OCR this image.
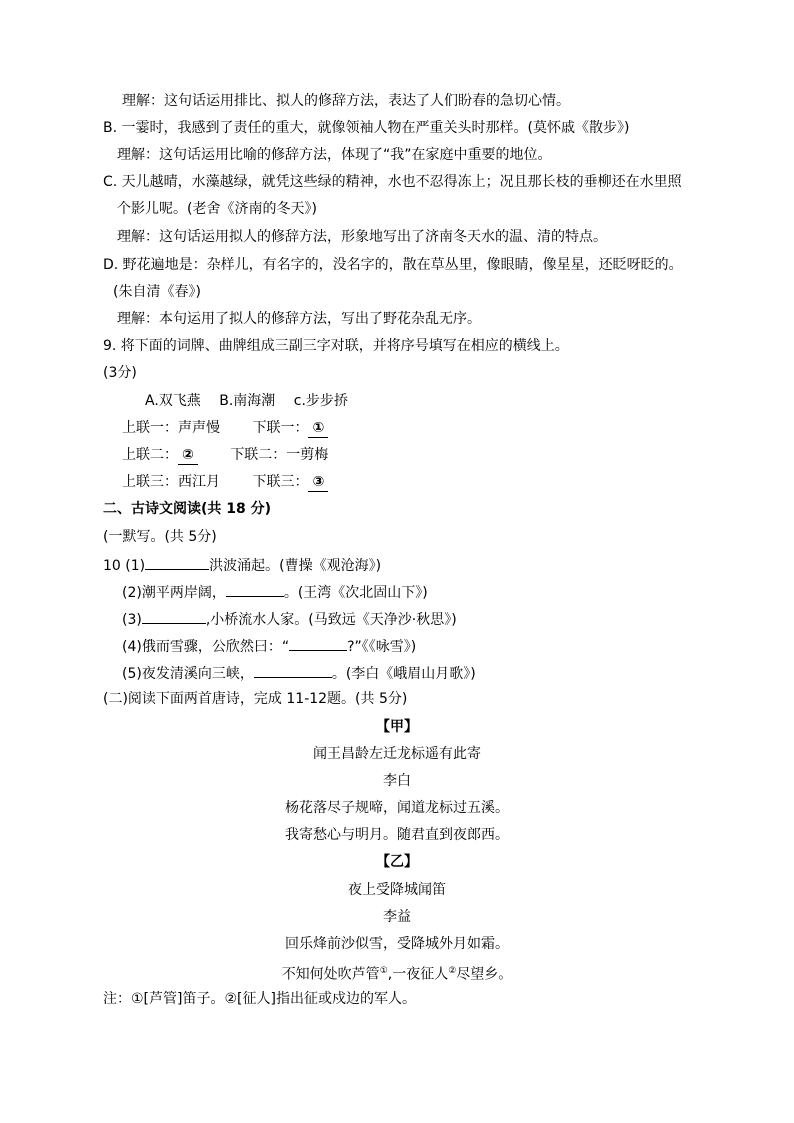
理解：这句话运用排比、拟人的修辞方法，表达了人们盼春的急切心情。
B. 一霎时，我感到了责任的重大，就像领袖人物在严重关头时那样。(莫怀戚《散步》)
理解：这句话运用比喻的修辞方法，体现了“我”在家庭中重要的地位。
C. 天儿越晴，水藻越绿，就凭这些绿的精神，水也不忍得冻上；况且那长枝的垂柳还在水里照
个影儿呢。(老舍《济南的冬天》)
理解：这句话运用拟人的修辞方法，形象地写出了济南冬天水的温、清的特点。
D. 野花遍地是：杂样儿，有名字的，没名字的，散在草丛里，像眼睛，像星星，还眨呀眨的。
(朱自清《春》)
理解：本句运用了拟人的修辞方法，写出了野花杂乱无序。
9. 将下面的词牌、曲牌组成三副三字对联，并将序号填写在相应的横线上。
(3分)
A.双飞燕 B.南海潮 c.步步挢
上联一：声声慢 下联一： ①
上联二： ②	下联二：一剪梅
上联三：西江月 下联三： ③
二、古诗文阅读(共 18 分)
(一默写。(共 5分)
10 (1)	洪波涌起。(曹操《观沧海》)
(2)潮平两岸阔，	。(王湾《次北固山下》)
(3)	,小桥流水人家。(马致远《天净沙·秋思》)
(4)俄而雪骤，公欣然曰：“	?”《《咏雪》)
(5)夜发清溪向三峡，	。(李白《峨眉山月歌》)
(二)阅读下面两首唐诗，完成 11-12题。(共 5分)
【甲】
闻王昌龄左迁龙标遥有此寄
李白
杨花落尽子规啼，闻道龙标过五溪。
我寄愁心与明月。随君直到夜郎西。
【乙】
夜上受降城闻笛
李益
回乐烽前沙似雪，受降城外月如霜。
不知何处吹芦管①,一夜征人②尽望乡。
注：①[芦管]笛子。②[征人]指出征或戍边的军人。
